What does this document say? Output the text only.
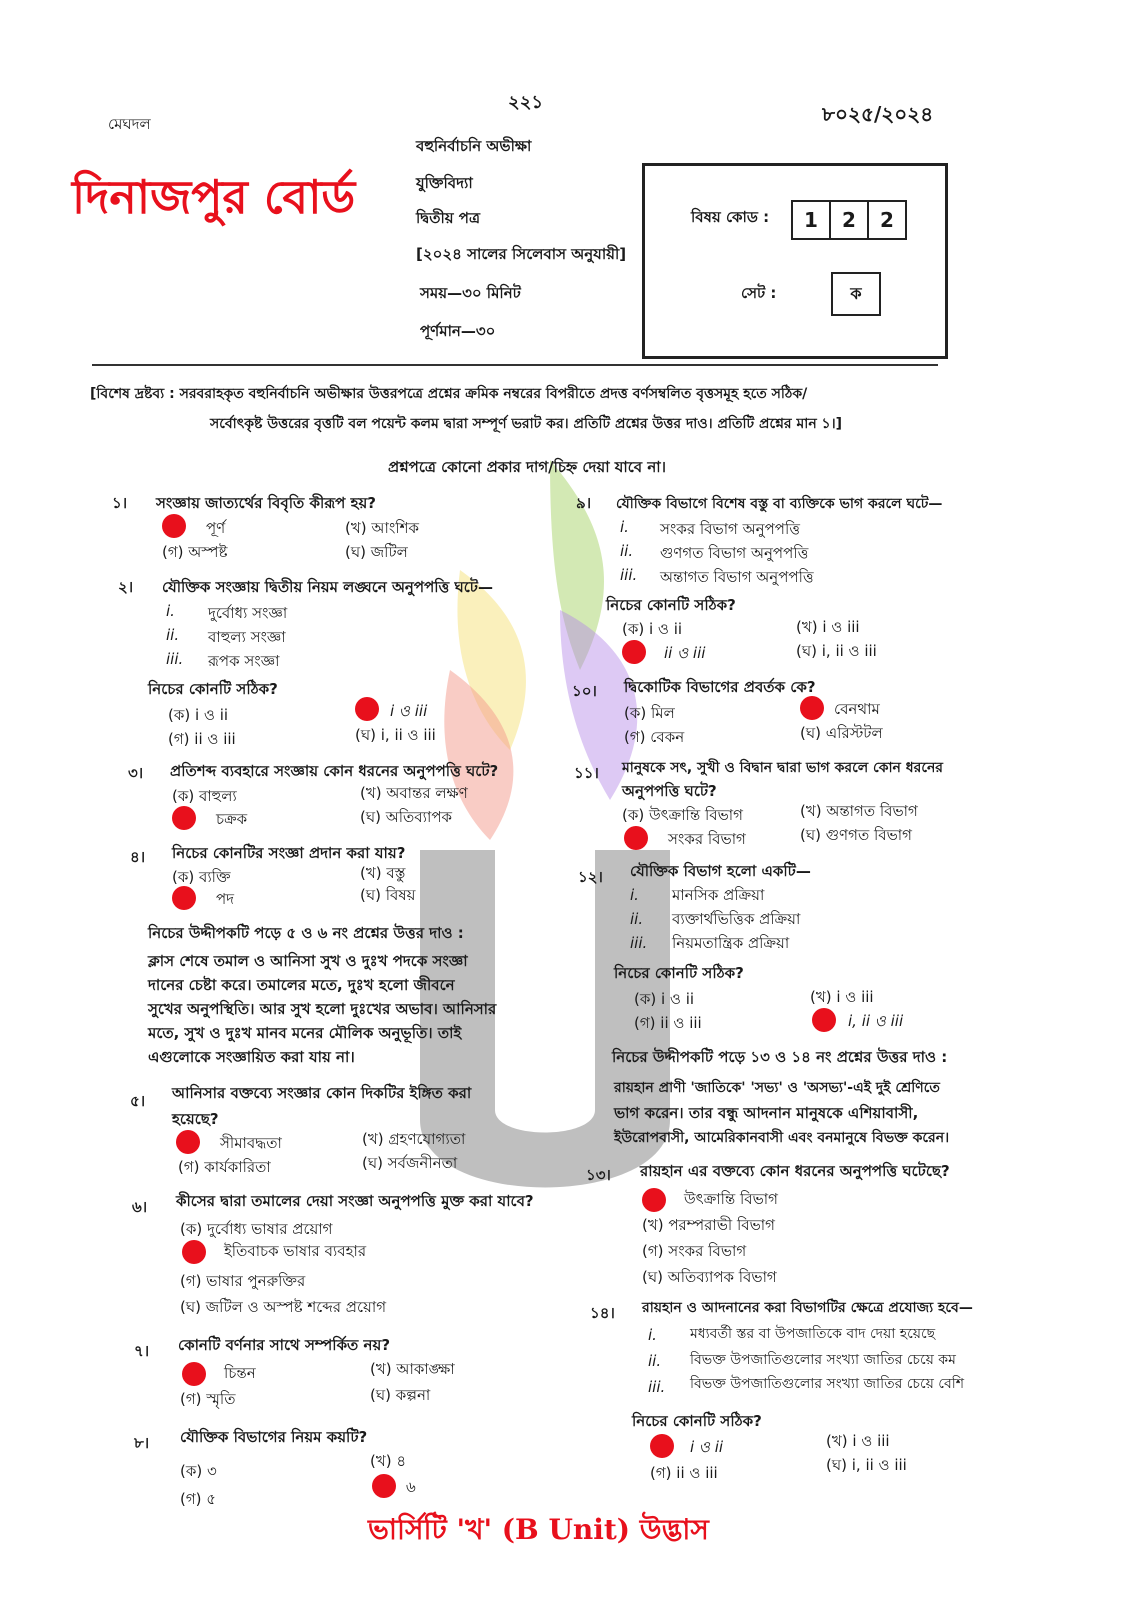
মেঘদল
২২১	৮০২৫/২০২৪
দিনাজপুর বোর্ড
বহুনির্বাচনি অভীক্ষা
যুক্তিবিদ্যা
দ্বিতীয় পত্র
[২০২৪ সালের সিলেবাস অনুযায়ী]
সময়—৩০ মিনিট
পূর্ণমান—৩০
বিষয় কোড :	1	2	2
সেট :	ক
[বিশেষ দ্রষ্টব্য : সরবরাহকৃত বহুনির্বাচনি অভীক্ষার উত্তরপত্রে প্রশ্নের ক্রমিক নম্বরের বিপরীতে প্রদত্ত বর্ণসম্বলিত বৃত্তসমূহ হতে সঠিক/
সর্বোৎকৃষ্ট উত্তরের বৃত্তটি বল পয়েন্ট কলম দ্বারা সম্পূর্ণ ভরাট কর। প্রতিটি প্রশ্নের উত্তর দাও। প্রতিটি প্রশ্নের মান ১।]
প্রশ্নপত্রে কোনো প্রকার দাগ/চিহ্ন দেয়া যাবে না।
১। সংজ্ঞায় জাত্যর্থের বিবৃতি কীরূপ হয়?
পূর্ণ	(খ) আংশিক
(গ) অস্পষ্ট	(ঘ) জটিল
২। যৌক্তিক সংজ্ঞায় দ্বিতীয় নিয়ম লঙ্ঘনে অনুপপত্তি ঘটে—
i. দুর্বোধ্য সংজ্ঞা
ii. বাহুল্য সংজ্ঞা
iii. রূপক সংজ্ঞা
নিচের কোনটি সঠিক?
(ক) i ও ii	i ও iii
(গ) ii ও iii	(ঘ) i, ii ও iii
৩। প্রতিশব্দ ব্যবহারে সংজ্ঞায় কোন ধরনের অনুপপত্তি ঘটে?
(ক) বাহুল্য	(খ) অবান্তর লক্ষণ
চক্রক	(ঘ) অতিব্যাপক
৪। নিচের কোনটির সংজ্ঞা প্রদান করা যায়?
(ক) ব্যক্তি	(খ) বস্তু
পদ	(ঘ) বিষয়
নিচের উদ্দীপকটি পড়ে ৫ ও ৬ নং প্রশ্নের উত্তর দাও :
ক্লাস শেষে তমাল ও আনিসা সুখ ও দুঃখ পদকে সংজ্ঞা
দানের চেষ্টা করে। তমালের মতে, দুঃখ হলো জীবনে
সুখের অনুপস্থিতি। আর সুখ হলো দুঃখের অভাব। আনিসার
মতে, সুখ ও দুঃখ মানব মনের মৌলিক অনুভূতি। তাই
এগুলোকে সংজ্ঞায়িত করা যায় না।
৫। আনিসার বক্তব্যে সংজ্ঞার কোন দিকটির ইঙ্গিত করা
হয়েছে?
সীমাবদ্ধতা	(খ) গ্রহণযোগ্যতা
(গ) কার্যকারিতা	(ঘ) সর্বজনীনতা
৬। কীসের দ্বারা তমালের দেয়া সংজ্ঞা অনুপপত্তি মুক্ত করা যাবে?
(ক) দুর্বোধ্য ভাষার প্রয়োগ
ইতিবাচক ভাষার ব্যবহার
(গ) ভাষার পুনরুক্তির
(ঘ) জটিল ও অস্পষ্ট শব্দের প্রয়োগ
৭। কোনটি বর্ণনার সাথে সম্পর্কিত নয়?
চিন্তন	(খ) আকাঙ্ক্ষা
(গ) স্মৃতি	(ঘ) কল্পনা
৮। যৌক্তিক বিভাগের নিয়ম কয়টি?
(ক) ৩
(খ) ৪
(গ) ৫
৬
৯। যৌক্তিক বিভাগে বিশেষ বস্তু বা ব্যক্তিকে ভাগ করলে ঘটে—
i. সংকর বিভাগ অনুপপত্তি
ii. গুণগত বিভাগ অনুপপত্তি
iii. অন্তাগত বিভাগ অনুপপত্তি
নিচের কোনটি সঠিক?
(ক) i ও ii	(খ) i ও iii
ii ও iii	(ঘ) i, ii ও iii
১০। দ্বিকোটিক বিভাগের প্রবর্তক কে?
(ক) মিল	বেনথাম
(গ) বেকন	(ঘ) এরিস্টটল
১১। মানুষকে সৎ, সুখী ও বিদ্বান দ্বারা ভাগ করলে কোন ধরনের
অনুপপত্তি ঘটে?
(ক) উৎক্রান্তি বিভাগ	(খ) অন্তাগত বিভাগ
সংকর বিভাগ	(ঘ) গুণগত বিভাগ
১২। যৌক্তিক বিভাগ হলো একটি—
i. মানসিক প্রক্রিয়া
ii. ব্যক্তার্থভিত্তিক প্রক্রিয়া
iii. নিয়মতান্ত্রিক প্রক্রিয়া
নিচের কোনটি সঠিক?
(ক) i ও ii	(খ) i ও iii
(গ) ii ও iii	i, ii ও iii
নিচের উদ্দীপকটি পড়ে ১৩ ও ১৪ নং প্রশ্নের উত্তর দাও :
রায়হান প্রাণী 'জাতিকে' 'সভ্য' ও 'অসভ্য'-এই দুই শ্রেণিতে
ভাগ করেন। তার বন্ধু আদনান মানুষকে এশিয়াবাসী,
ইউরোপবাসী, আমেরিকানবাসী এবং বনমানুষে বিভক্ত করেন।
১৩। রায়হান এর বক্তব্যে কোন ধরনের অনুপপত্তি ঘটেছে?
উৎক্রান্তি বিভাগ
(খ) পরম্পরাভী বিভাগ
(গ) সংকর বিভাগ
(ঘ) অতিব্যাপক বিভাগ
১৪। রায়হান ও আদনানের করা বিভাগটির ক্ষেত্রে প্রযোজ্য হবে—
i. মধ্যবর্তী স্তর বা উপজাতিকে বাদ দেয়া হয়েছে
ii. বিভক্ত উপজাতিগুলোর সংখ্যা জাতির চেয়ে কম
iii. বিভক্ত উপজাতিগুলোর সংখ্যা জাতির চেয়ে বেশি
নিচের কোনটি সঠিক?
i ও ii	(খ) i ও iii
(গ) ii ও iii	(ঘ) i, ii ও iii
ভার্সিটি 'খ' (B Unit) উদ্ভাস
